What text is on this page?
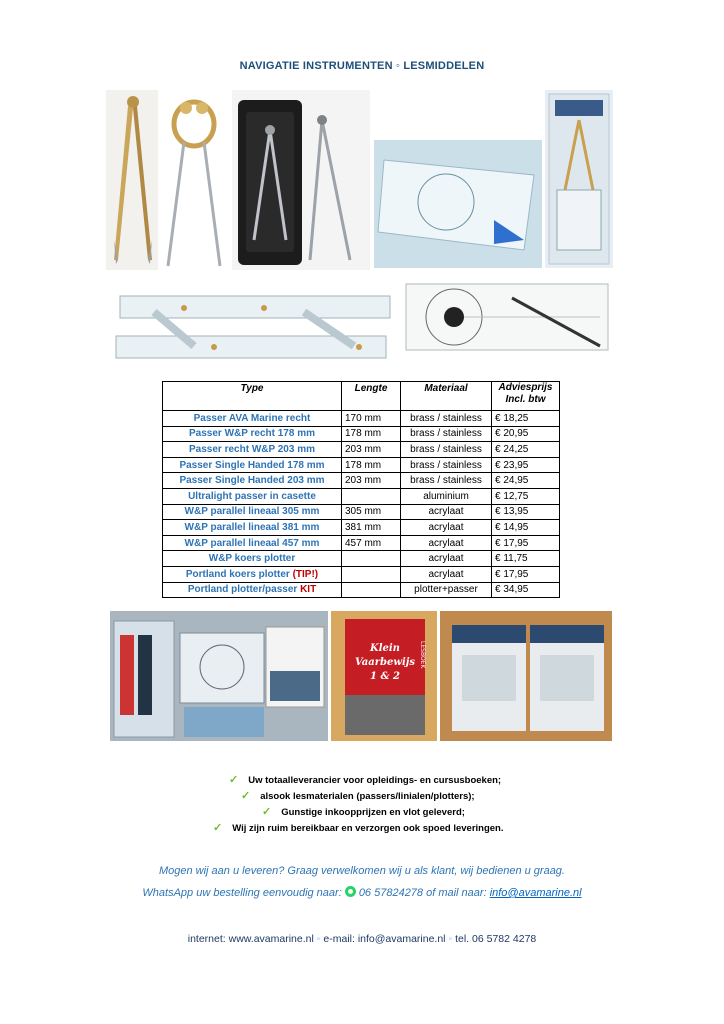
NAVIGATIE INSTRUMENTEN ◦ LESMIDDELEN
Type	Lengte	Materiaal	Adviesprijs
Incl. btw
Passer AVA Marine recht	170 mm	brass / stainless	€ 18,25
Passer W&P recht 178 mm	178 mm	brass / stainless	€ 20,95
Passer recht W&P 203 mm	203 mm	brass / stainless	€ 24,25
Passer Single Handed 178 mm	178 mm	brass / stainless	€ 23,95
Passer Single Handed 203 mm	203 mm	brass / stainless	€ 24,95
Ultralight passer in casette		aluminium	€ 12,75
W&P parallel lineaal 305 mm	305 mm	acrylaat	€ 13,95
W&P parallel lineaal 381 mm	381 mm	acrylaat	€ 14,95
W&P parallel lineaal 457 mm	457 mm	acrylaat	€ 17,95
W&P koers plotter		acrylaat	€ 11,75
Portland koers plotter (TIP!)		acrylaat	€ 17,95
Portland plotter/passer KIT		plotter+passer	€ 34,95
Klein
Vaarbewijs
1 & 2
LESBOEK
✓ Uw totaalleverancier voor opleidings- en cursusboeken;
✓ alsook lesmaterialen (passers/linialen/plotters);
✓ Gunstige inkoopprijzen en vlot geleverd;
✓ Wij zijn ruim bereikbaar en verzorgen ook spoed leveringen.
Mogen wij aan u leveren? Graag verwelkomen wij u als klant, wij bedienen u graag.
WhatsApp uw bestelling eenvoudig naar: 06 57824278 of mail naar: info@avamarine.nl
internet: www.avamarine.nl ◦ e-mail: info@avamarine.nl ◦ tel. 06 5782 4278
